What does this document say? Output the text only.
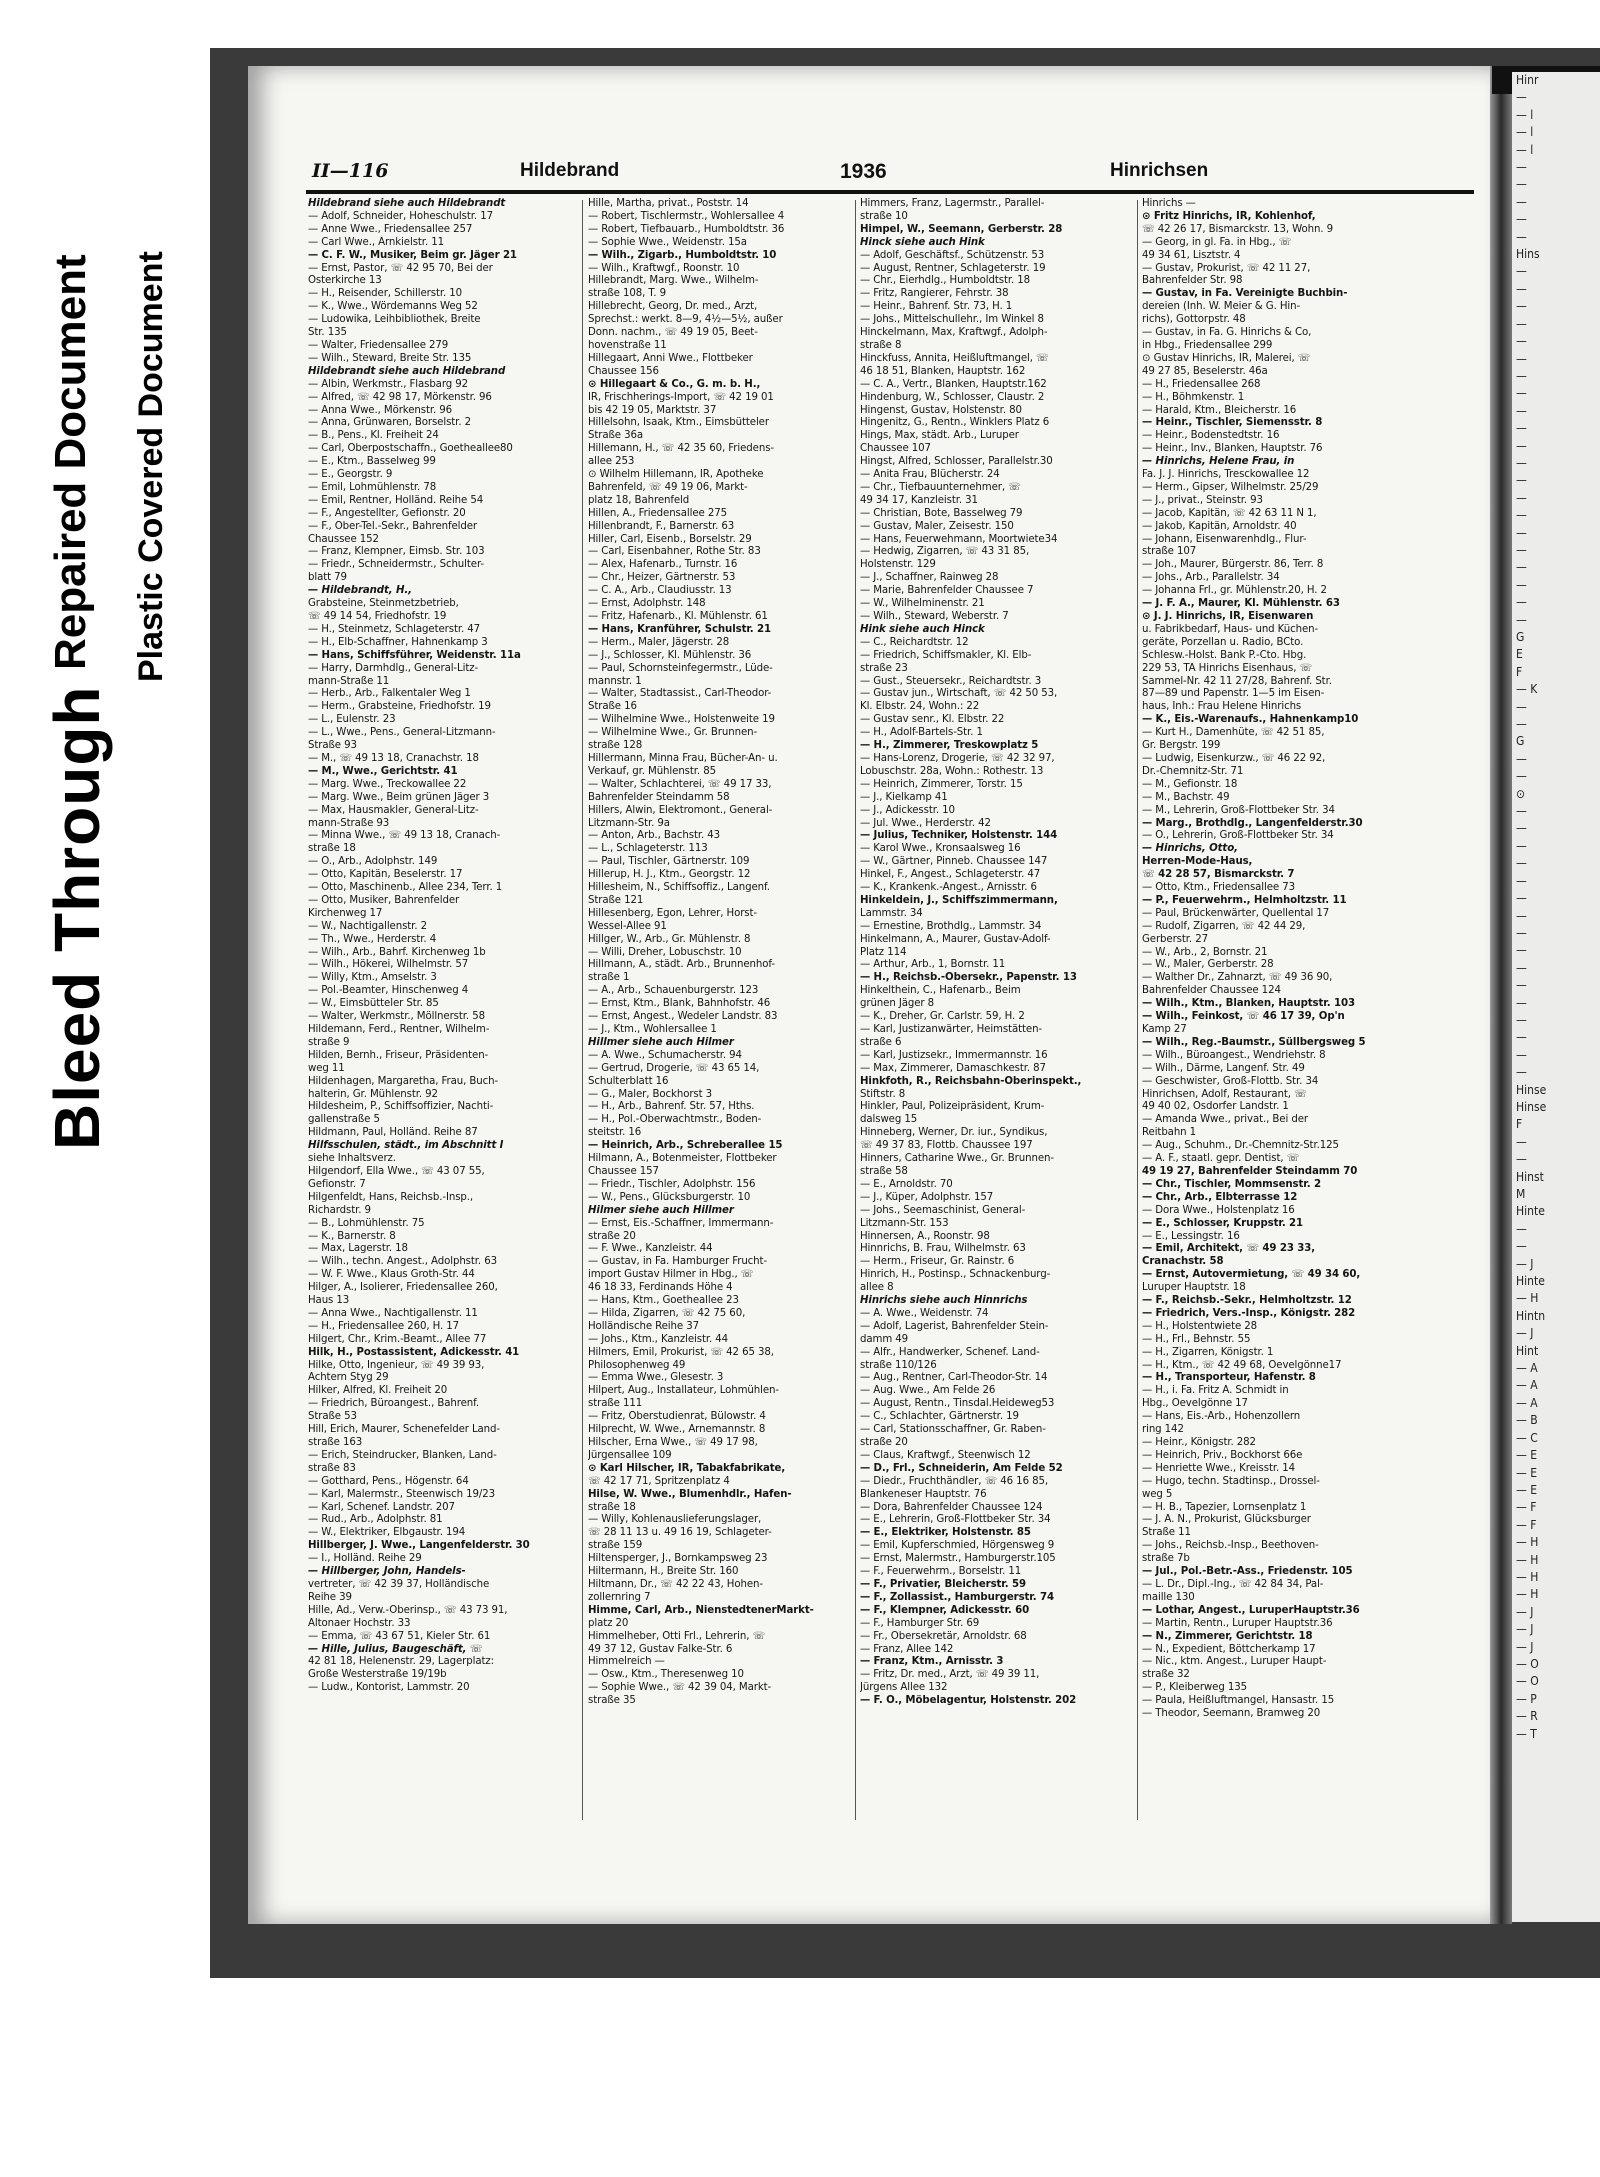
Bleed Through
Repaired Document Plastic Covered Document
Hinr
—
— l
— l
— l
—
—
—
—
—
Hins
—
—
—
—
—
—
—
—
—
—
—
—
—
—
—
—
—
—
—
—
—
G
E
F
— K
—
—
G
—
—
⊙
—
—
—
—
—
—
—
—
—
—
—
—
—
—
—
—
Hinse
Hinse
F
—
—
Hinst
M
Hinte
—
—
— J
Hinte
— H
Hintn
— J
Hint
— A
— A
— A
— B
— C
— E
— E
— E
— F
— F
— H
— H
— H
— H
— J
— J
— J
— O
— O
— P
— R
— T
II—116	Hildebrand	1936	Hinrichsen
Hildebrand siehe auch Hildebrandt
— Adolf, Schneider, Hoheschulstr. 17
— Anne Wwe., Friedensallee 257
— Carl Wwe., Arnkielstr. 11
— C. F. W., Musiker, Beim gr. Jäger 21
— Ernst, Pastor, ☏ 42 95 70, Bei der
Osterkirche 13
— H., Reisender, Schillerstr. 10
— K., Wwe., Wördemanns Weg 52
— Ludowika, Leihbibliothek, Breite
Str. 135
— Walter, Friedensallee 279
— Wilh., Steward, Breite Str. 135
Hildebrandt siehe auch Hildebrand
— Albin, Werkmstr., Flasbarg 92
— Alfred, ☏ 42 98 17, Mörkenstr. 96
— Anna Wwe., Mörkenstr. 96
— Anna, Grünwaren, Borselstr. 2
— B., Pens., Kl. Freiheit 24
— Carl, Oberpostschaffn., Goetheallee80
— E., Ktm., Basselweg 99
— E., Georgstr. 9
— Emil, Lohmühlenstr. 78
— Emil, Rentner, Holländ. Reihe 54
— F., Angestellter, Gefionstr. 20
— F., Ober-Tel.-Sekr., Bahrenfelder
Chaussee 152
— Franz, Klempner, Eimsb. Str. 103
— Friedr., Schneidermstr., Schulter-
blatt 79
— Hildebrandt, H.,
Grabsteine, Steinmetzbetrieb,
☏ 49 14 54, Friedhofstr. 19
— H., Steinmetz, Schlageterstr. 47
— H., Elb-Schaffner, Hahnenkamp 3
— Hans, Schiffsführer, Weidenstr. 11a
— Harry, Darmhdlg., General-Litz-
mann-Straße 11
— Herb., Arb., Falkentaler Weg 1
— Herm., Grabsteine, Friedhofstr. 19
— L., Eulenstr. 23
— L., Wwe., Pens., General-Litzmann-
Straße 93
— M., ☏ 49 13 18, Cranachstr. 18
— M., Wwe., Gerichtstr. 41
— Marg. Wwe., Treckowallee 22
— Marg. Wwe., Beim grünen Jäger 3
— Max, Hausmakler, General-Litz-
mann-Straße 93
— Minna Wwe., ☏ 49 13 18, Cranach-
straße 18
— O., Arb., Adolphstr. 149
— Otto, Kapitän, Beselerstr. 17
— Otto, Maschinenb., Allee 234, Terr. 1
— Otto, Musiker, Bahrenfelder
Kirchenweg 17
— W., Nachtigallenstr. 2
— Th., Wwe., Herderstr. 4
— Wilh., Arb., Bahrf. Kirchenweg 1b
— Wilh., Hökerei, Wilhelmstr. 57
— Willy, Ktm., Amselstr. 3
— Pol.-Beamter, Hinschenweg 4
— W., Eimsbütteler Str. 85
— Walter, Werkmstr., Möllnerstr. 58
Hildemann, Ferd., Rentner, Wilhelm-
straße 9
Hilden, Bernh., Friseur, Präsidenten-
weg 11
Hildenhagen, Margaretha, Frau, Buch-
halterin, Gr. Mühlenstr. 92
Hildesheim, P., Schiffsoffizier, Nachti-
gallenstraße 5
Hildmann, Paul, Holländ. Reihe 87
Hilfsschulen, städt., im Abschnitt I
siehe Inhaltsverz.
Hilgendorf, Ella Wwe., ☏ 43 07 55,
Gefionstr. 7
Hilgenfeldt, Hans, Reichsb.-Insp.,
Richardstr. 9
— B., Lohmühlenstr. 75
— K., Barnerstr. 8
— Max, Lagerstr. 18
— Wilh., techn. Angest., Adolphstr. 63
— W. F. Wwe., Klaus Groth-Str. 44
Hilger, A., Isolierer, Friedensallee 260,
Haus 13
— Anna Wwe., Nachtigallenstr. 11
— H., Friedensallee 260, H. 17
Hilgert, Chr., Krim.-Beamt., Allee 77
Hilk, H., Postassistent, Adickesstr. 41
Hilke, Otto, Ingenieur, ☏ 49 39 93,
Achtern Styg 29
Hilker, Alfred, Kl. Freiheit 20
— Friedrich, Büroangest., Bahrenf.
Straße 53
Hill, Erich, Maurer, Schenefelder Land-
straße 163
— Erich, Steindrucker, Blanken, Land-
straße 83
— Gotthard, Pens., Högenstr. 64
— Karl, Malermstr., Steenwisch 19/23
— Karl, Schenef. Landstr. 207
— Rud., Arb., Adolphstr. 81
— W., Elektriker, Elbgaustr. 194
Hillberger, J. Wwe., Langenfelderstr. 30
— I., Holländ. Reihe 29
— Hillberger, John, Handels-
vertreter, ☏ 42 39 37, Holländische
Reihe 39
Hille, Ad., Verw.-Oberinsp., ☏ 43 73 91,
Altonaer Hochstr. 33
— Emma, ☏ 43 67 51, Kieler Str. 61
— Hille, Julius, Baugeschäft, ☏
42 81 18, Helenenstr. 29, Lagerplatz:
Große Westerstraße 19/19b
— Ludw., Kontorist, Lammstr. 20
Hille, Martha, privat., Poststr. 14
— Robert, Tischlermstr., Wohlersallee 4
— Robert, Tiefbauarb., Humboldtstr. 36
— Sophie Wwe., Weidenstr. 15a
— Wilh., Zigarb., Humboldtstr. 10
— Wilh., Kraftwgf., Roonstr. 10
Hillebrandt, Marg. Wwe., Wilhelm-
straße 108, T. 9
Hillebrecht, Georg, Dr. med., Arzt,
Sprechst.: werkt. 8—9, 4½—5½, außer
Donn. nachm., ☏ 49 19 05, Beet-
hovenstraße 11
Hillegaart, Anni Wwe., Flottbeker
Chaussee 156
⊙ Hillegaart & Co., G. m. b. H.,
IR, Frischherings-Import, ☏ 42 19 01
bis 42 19 05, Marktstr. 37
Hillelsohn, Isaak, Ktm., Eimsbütteler
Straße 36a
Hillemann, H., ☏ 42 35 60, Friedens-
allee 253
⊙ Wilhelm Hillemann, IR, Apotheke
Bahrenfeld, ☏ 49 19 06, Markt-
platz 18, Bahrenfeld
Hillen, A., Friedensallee 275
Hillenbrandt, F., Barnerstr. 63
Hiller, Carl, Eisenb., Borselstr. 29
— Carl, Eisenbahner, Rothe Str. 83
— Alex, Hafenarb., Turnstr. 16
— Chr., Heizer, Gärtnerstr. 53
— C. A., Arb., Claudiusstr. 13
— Ernst, Adolphstr. 148
— Fritz, Hafenarb., Kl. Mühlenstr. 61
— Hans, Kranführer, Schulstr. 21
— Herm., Maler, Jägerstr. 28
— J., Schlosser, Kl. Mühlenstr. 36
— Paul, Schornsteinfegermstr., Lüde-
mannstr. 1
— Walter, Stadtassist., Carl-Theodor-
Straße 16
— Wilhelmine Wwe., Holstenweite 19
— Wilhelmine Wwe., Gr. Brunnen-
straße 128
Hillermann, Minna Frau, Bücher-An- u.
Verkauf, gr. Mühlenstr. 85
— Walter, Schlachterei, ☏ 49 17 33,
Bahrenfelder Steindamm 58
Hillers, Alwin, Elektromont., General-
Litzmann-Str. 9a
— Anton, Arb., Bachstr. 43
— L., Schlageterstr. 113
— Paul, Tischler, Gärtnerstr. 109
Hillerup, H. J., Ktm., Georgstr. 12
Hillesheim, N., Schiffsoffiz., Langenf.
Straße 121
Hillesenberg, Egon, Lehrer, Horst-
Wessel-Allee 91
Hillger, W., Arb., Gr. Mühlenstr. 8
— Willi, Dreher, Lobuschstr. 10
Hillmann, A., städt. Arb., Brunnenhof-
straße 1
— A., Arb., Schauenburgerstr. 123
— Ernst, Ktm., Blank, Bahnhofstr. 46
— Ernst, Angest., Wedeler Landstr. 83
— J., Ktm., Wohlersallee 1
Hillmer siehe auch Hilmer
— A. Wwe., Schumacherstr. 94
— Gertrud, Drogerie, ☏ 43 65 14,
Schulterblatt 16
— G., Maler, Bockhorst 3
— H., Arb., Bahrenf. Str. 57, Hths.
— H., Pol.-Oberwachtmstr., Boden-
steitstr. 16
— Heinrich, Arb., Schreberallee 15
Hilmann, A., Botenmeister, Flottbeker
Chaussee 157
— Friedr., Tischler, Adolphstr. 156
— W., Pens., Glücksburgerstr. 10
Hilmer siehe auch Hillmer
— Ernst, Eis.-Schaffner, Immermann-
straße 20
— F. Wwe., Kanzleistr. 44
— Gustav, in Fa. Hamburger Frucht-
import Gustav Hilmer in Hbg., ☏
46 18 33, Ferdinands Höhe 4
— Hans, Ktm., Goetheallee 23
— Hilda, Zigarren, ☏ 42 75 60,
Holländische Reihe 37
— Johs., Ktm., Kanzleistr. 44
Hilmers, Emil, Prokurist, ☏ 42 65 38,
Philosophenweg 49
— Emma Wwe., Glesestr. 3
Hilpert, Aug., Installateur, Lohmühlen-
straße 111
— Fritz, Oberstudienrat, Bülowstr. 4
Hilprecht, W. Wwe., Arnemannstr. 8
Hilscher, Erna Wwe., ☏ 49 17 98,
Jürgensallee 109
⊙ Karl Hilscher, IR, Tabakfabrikate,
☏ 42 17 71, Spritzenplatz 4
Hilse, W. Wwe., Blumenhdlr., Hafen-
straße 18
— Willy, Kohlenauslieferungslager,
☏ 28 11 13 u. 49 16 19, Schlageter-
straße 159
Hiltensperger, J., Bornkampsweg 23
Hiltermann, H., Breite Str. 160
Hiltmann, Dr., ☏ 42 22 43, Hohen-
zollernring 7
Himme, Carl, Arb., NienstedtenerMarkt-
platz 20
Himmelheber, Otti Frl., Lehrerin, ☏
49 37 12, Gustav Falke-Str. 6
Himmelreich —
— Osw., Ktm., Theresenweg 10
— Sophie Wwe., ☏ 42 39 04, Markt-
straße 35
Himmers, Franz, Lagermstr., Parallel-
straße 10
Himpel, W., Seemann, Gerberstr. 28
Hinck siehe auch Hink
— Adolf, Geschäftsf., Schützenstr. 53
— August, Rentner, Schlageterstr. 19
— Chr., Eierhdlg., Humboldtstr. 18
— Fritz, Rangierer, Fehrstr. 38
— Heinr., Bahrenf. Str. 73, H. 1
— Johs., Mittelschullehr., Im Winkel 8
Hinckelmann, Max, Kraftwgf., Adolph-
straße 8
Hinckfuss, Annita, Heißluftmangel, ☏
46 18 51, Blanken, Hauptstr. 162
— C. A., Vertr., Blanken, Hauptstr.162
Hindenburg, W., Schlosser, Claustr. 2
Hingenst, Gustav, Holstenstr. 80
Hingenitz, G., Rentn., Winklers Platz 6
Hings, Max, städt. Arb., Luruper
Chaussee 107
Hingst, Alfred, Schlosser, Parallelstr.30
— Anita Frau, Blücherstr. 24
— Chr., Tiefbauunternehmer, ☏
49 34 17, Kanzleistr. 31
— Christian, Bote, Basselweg 79
— Gustav, Maler, Zeisestr. 150
— Hans, Feuerwehmann, Moortwiete34
— Hedwig, Zigarren, ☏ 43 31 85,
Holstenstr. 129
— J., Schaffner, Rainweg 28
— Marie, Bahrenfelder Chaussee 7
— W., Wilhelminenstr. 21
— Wilh., Steward, Weberstr. 7
Hink siehe auch Hinck
— C., Reichardtstr. 12
— Friedrich, Schiffsmakler, Kl. Elb-
straße 23
— Gust., Steuersekr., Reichardtstr. 3
— Gustav jun., Wirtschaft, ☏ 42 50 53,
Kl. Elbstr. 24, Wohn.: 22
— Gustav senr., Kl. Elbstr. 22
— H., Adolf-Bartels-Str. 1
— H., Zimmerer, Treskowplatz 5
— Hans-Lorenz, Drogerie, ☏ 42 32 97,
Lobuschstr. 28a, Wohn.: Rothestr. 13
— Heinrich, Zimmerer, Torstr. 15
— J., Kielkamp 41
— J., Adickesstr. 10
— Jul. Wwe., Herderstr. 42
— Julius, Techniker, Holstenstr. 144
— Karol Wwe., Kronsaalsweg 16
— W., Gärtner, Pinneb. Chaussee 147
Hinkel, F., Angest., Schlageterstr. 47
— K., Krankenk.-Angest., Arnisstr. 6
Hinkeldein, J., Schiffszimmermann,
Lammstr. 34
— Ernestine, Brothdlg., Lammstr. 34
Hinkelmann, A., Maurer, Gustav-Adolf-
Platz 114
— Arthur, Arb., 1, Bornstr. 11
— H., Reichsb.-Obersekr., Papenstr. 13
Hinkelthein, C., Hafenarb., Beim
grünen Jäger 8
— K., Dreher, Gr. Carlstr. 59, H. 2
— Karl, Justizanwärter, Heimstätten-
straße 6
— Karl, Justizsekr., Immermannstr. 16
— Max, Zimmerer, Damaschkestr. 87
Hinkfoth, R., Reichsbahn-Oberinspekt.,
Stiftstr. 8
Hinkler, Paul, Polizeipräsident, Krum-
dalsweg 15
Hinneberg, Werner, Dr. iur., Syndikus,
☏ 49 37 83, Flottb. Chaussee 197
Hinners, Catharine Wwe., Gr. Brunnen-
straße 58
— E., Arnoldstr. 70
— J., Küper, Adolphstr. 157
— Johs., Seemaschinist, General-
Litzmann-Str. 153
Hinnersen, A., Roonstr. 98
Hinnrichs, B. Frau, Wilhelmstr. 63
— Herm., Friseur, Gr. Rainstr. 6
Hinrich, H., Postinsp., Schnackenburg-
allee 8
Hinrichs siehe auch Hinnrichs
— A. Wwe., Weidenstr. 74
— Adolf, Lagerist, Bahrenfelder Stein-
damm 49
— Alfr., Handwerker, Schenef. Land-
straße 110/126
— Aug., Rentner, Carl-Theodor-Str. 14
— Aug. Wwe., Am Felde 26
— August, Rentn., Tinsdal.Heideweg53
— C., Schlachter, Gärtnerstr. 19
— Carl, Stationsschaffner, Gr. Raben-
straße 20
— Claus, Kraftwgf., Steenwisch 12
— D., Frl., Schneiderin, Am Felde 52
— Diedr., Fruchthändler, ☏ 46 16 85,
Blankeneser Hauptstr. 76
— Dora, Bahrenfelder Chaussee 124
— E., Lehrerin, Groß-Flottbeker Str. 34
— E., Elektriker, Holstenstr. 85
— Emil, Kupferschmied, Hörgensweg 9
— Ernst, Malermstr., Hamburgerstr.105
— F., Feuerwehrm., Borselstr. 11
— F., Privatier, Bleicherstr. 59
— F., Zollassist., Hamburgerstr. 74
— F., Klempner, Adickesstr. 60
— F., Hamburger Str. 69
— Fr., Obersekretär, Arnoldstr. 68
— Franz, Allee 142
— Franz, Ktm., Arnisstr. 3
— Fritz, Dr. med., Arzt, ☏ 49 39 11,
Jürgens Allee 132
— F. O., Möbelagentur, Holstenstr. 202
Hinrichs —
⊙ Fritz Hinrichs, IR, Kohlenhof,
☏ 42 26 17, Bismarckstr. 13, Wohn. 9
— Georg, in gl. Fa. in Hbg., ☏
49 34 61, Lisztstr. 4
— Gustav, Prokurist, ☏ 42 11 27,
Bahrenfelder Str. 98
— Gustav, in Fa. Vereinigte Buchbin-
dereien (Inh. W. Meier & G. Hin-
richs), Gottorpstr. 48
— Gustav, in Fa. G. Hinrichs & Co,
in Hbg., Friedensallee 299
⊙ Gustav Hinrichs, IR, Malerei, ☏
49 27 85, Beselerstr. 46a
— H., Friedensallee 268
— H., Böhmkenstr. 1
— Harald, Ktm., Bleicherstr. 16
— Heinr., Tischler, Siemensstr. 8
— Heinr., Bodenstedtstr. 16
— Heinr., Inv., Blanken, Hauptstr. 76
— Hinrichs, Helene Frau, in
Fa. J. J. Hinrichs, Tresckowallee 12
— Herm., Gipser, Wilhelmstr. 25/29
— J., privat., Steinstr. 93
— Jacob, Kapitän, ☏ 42 63 11 N 1,
— Jakob, Kapitän, Arnoldstr. 40
— Johann, Eisenwarenhdlg., Flur-
straße 107
— Joh., Maurer, Bürgerstr. 86, Terr. 8
— Johs., Arb., Parallelstr. 34
— Johanna Frl., gr. Mühlenstr.20, H. 2
— J. F. A., Maurer, Kl. Mühlenstr. 63
⊙ J. J. Hinrichs, IR, Eisenwaren
u. Fabrikbedarf, Haus- und Küchen-
geräte, Porzellan u. Radio, BCto.
Schlesw.-Holst. Bank P.-Cto. Hbg.
229 53, TA Hinrichs Eisenhaus, ☏
Sammel-Nr. 42 11 27/28, Bahrenf. Str.
87—89 und Papenstr. 1—5 im Eisen-
haus, Inh.: Frau Helene Hinrichs
— K., Eis.-Warenaufs., Hahnenkamp10
— Kurt H., Damenhüte, ☏ 42 51 85,
Gr. Bergstr. 199
— Ludwig, Eisenkurzw., ☏ 46 22 92,
Dr.-Chemnitz-Str. 71
— M., Gefionstr. 18
— M., Bachstr. 49
— M., Lehrerin, Groß-Flottbeker Str. 34
— Marg., Brothdlg., Langenfelderstr.30
— O., Lehrerin, Groß-Flottbeker Str. 34
— Hinrichs, Otto,
Herren-Mode-Haus,
☏ 42 28 57, Bismarckstr. 7
— Otto, Ktm., Friedensallee 73
— P., Feuerwehrm., Helmholtzstr. 11
— Paul, Brückenwärter, Quellental 17
— Rudolf, Zigarren, ☏ 42 44 29,
Gerberstr. 27
— W., Arb., 2, Bornstr. 21
— W., Maler, Gerberstr. 28
— Walther Dr., Zahnarzt, ☏ 49 36 90,
Bahrenfelder Chaussee 124
— Wilh., Ktm., Blanken, Hauptstr. 103
— Wilh., Feinkost, ☏ 46 17 39, Op'n
Kamp 27
— Wilh., Reg.-Baumstr., Süllbergsweg 5
— Wilh., Büroangest., Wendriehstr. 8
— Wilh., Därme, Langenf. Str. 49
— Geschwister, Groß-Flottb. Str. 34
Hinrichsen, Adolf, Restaurant, ☏
49 40 02, Osdorfer Landstr. 1
— Amanda Wwe., privat., Bei der
Reitbahn 1
— Aug., Schuhm., Dr.-Chemnitz-Str.125
— A. F., staatl. gepr. Dentist, ☏
49 19 27, Bahrenfelder Steindamm 70
— Chr., Tischler, Mommsenstr. 2
— Chr., Arb., Elbterrasse 12
— Dora Wwe., Holstenplatz 16
— E., Schlosser, Kruppstr. 21
— E., Lessingstr. 16
— Emil, Architekt, ☏ 49 23 33,
Cranachstr. 58
— Ernst, Autovermietung, ☏ 49 34 60,
Luruper Hauptstr. 18
— F., Reichsb.-Sekr., Helmholtzstr. 12
— Friedrich, Vers.-Insp., Königstr. 282
— H., Holstentwiete 28
— H., Frl., Behnstr. 55
— H., Zigarren, Königstr. 1
— H., Ktm., ☏ 42 49 68, Oevelgönne17
— H., Transporteur, Hafenstr. 8
— H., i. Fa. Fritz A. Schmidt in
Hbg., Oevelgönne 17
— Hans, Eis.-Arb., Hohenzollern
ring 142
— Heinr., Königstr. 282
— Heinrich, Priv., Bockhorst 66e
— Henriette Wwe., Kreisstr. 14
— Hugo, techn. Stadtinsp., Drossel-
weg 5
— H. B., Tapezier, Lornsenplatz 1
— J. A. N., Prokurist, Glücksburger
Straße 11
— Johs., Reichsb.-Insp., Beethoven-
straße 7b
— Jul., Pol.-Betr.-Ass., Friedenstr. 105
— L. Dr., Dipl.-Ing., ☏ 42 84 34, Pal-
maille 130
— Lothar, Angest., LuruperHauptstr.36
— Martin, Rentn., Luruper Hauptstr.36
— N., Zimmerer, Gerichtstr. 18
— N., Expedient, Böttcherkamp 17
— Nic., ktm. Angest., Luruper Haupt-
straße 32
— P., Kleiberweg 135
— Paula, Heißluftmangel, Hansastr. 15
— Theodor, Seemann, Bramweg 20
